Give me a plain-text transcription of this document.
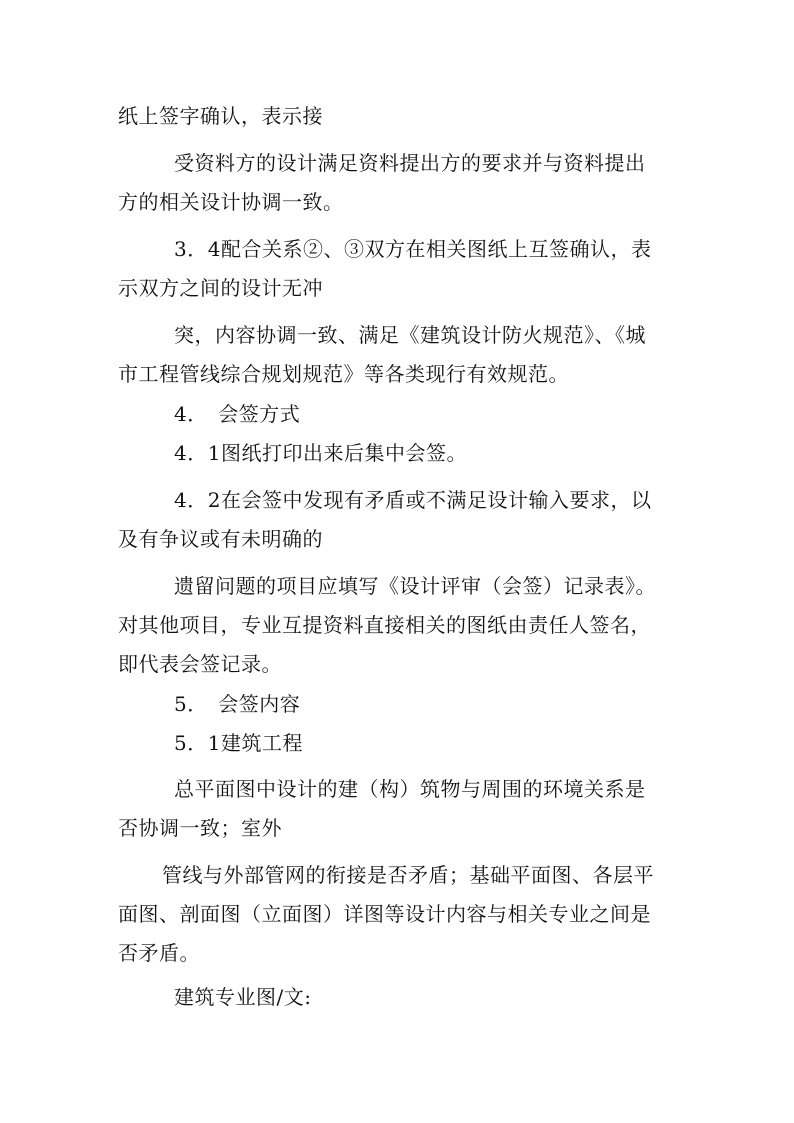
纸上签字确认，表示接
受资料方的设计满足资料提出方的要求并与资料提出
方的相关设计协调一致。
3．4配合关系②、③双方在相关图纸上互签确认，表
示双方之间的设计无冲
突，内容协调一致、满足《建筑设计防火规范》、《城
市工程管线综合规划规范》等各类现行有效规范。
4．　会签方式
4．1图纸打印出来后集中会签。
4．2在会签中发现有矛盾或不满足设计输入要求，以
及有争议或有未明确的
遗留问题的项目应填写《设计评审（会签）记录表》。
对其他项目，专业互提资料直接相关的图纸由责任人签名，
即代表会签记录。
5．　会签内容
5．1建筑工程
总平面图中设计的建（构）筑物与周围的环境关系是
否协调一致；室外
管线与外部管网的衔接是否矛盾；基础平面图、各层平
面图、剖面图（立面图）详图等设计内容与相关专业之间是
否矛盾。
建筑专业图/文:
